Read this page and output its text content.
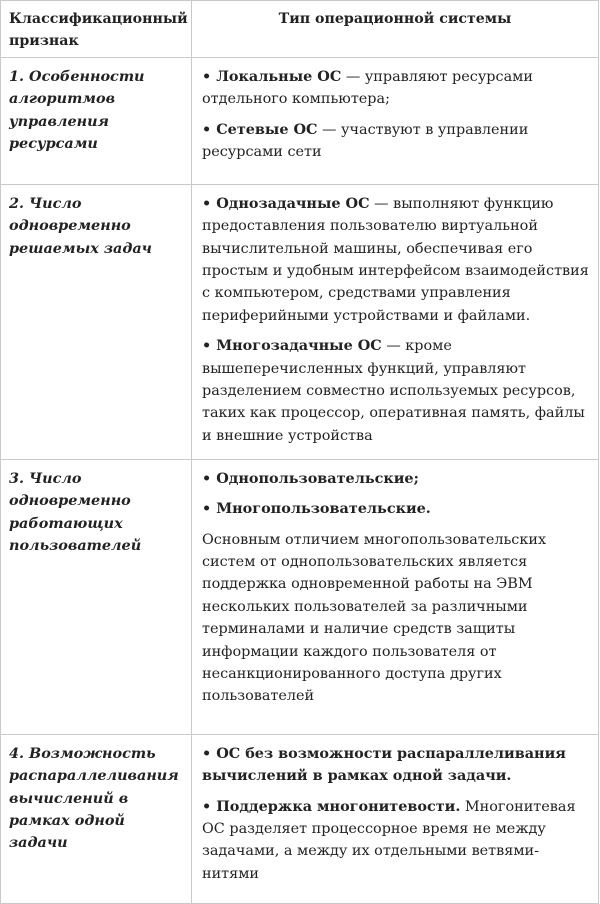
Классификационный признак	Тип операционной системы
1. Особенности алгоритмов управления ресурсами	• Локальные ОС — управляют ресурсами отдельного компьютера;

• Сетевые ОС — участвуют в управлении ресурсами сети

2. Число одновременно решаемых задач	• Однозадачные ОС — выполняют функцию предоставления пользователю виртуальной вычислительной машины, обеспечивая его простым и удобным интерфейсом взаимодействия с компьютером, средствами управления периферийными устройствами и файлами.

• Многозадачные ОС — кроме вышеперечисленных функций, управляют разделением совместно используемых ресурсов, таких как процессор, оперативная память, файлы и внешние устройства

3. Число одновременно работающих пользователей	• Однопользовательские;

• Многопользовательские.

Основным отличием многопользовательских систем от однопользовательских является поддержка одновременной работы на ЭВМ нескольких пользователей за различными терминалами и наличие средств защиты информации каждого пользователя от несанкционированного доступа других пользователей

4. Возможность распараллеливания вычислений в рамках одной задачи	• ОС без возможности распараллеливания вычислений в рамках одной задачи.

• Поддержка многонитевости. Многонитевая ОС разделяет процессорное время не между задачами, а между их отдельными ветвями-нитями
